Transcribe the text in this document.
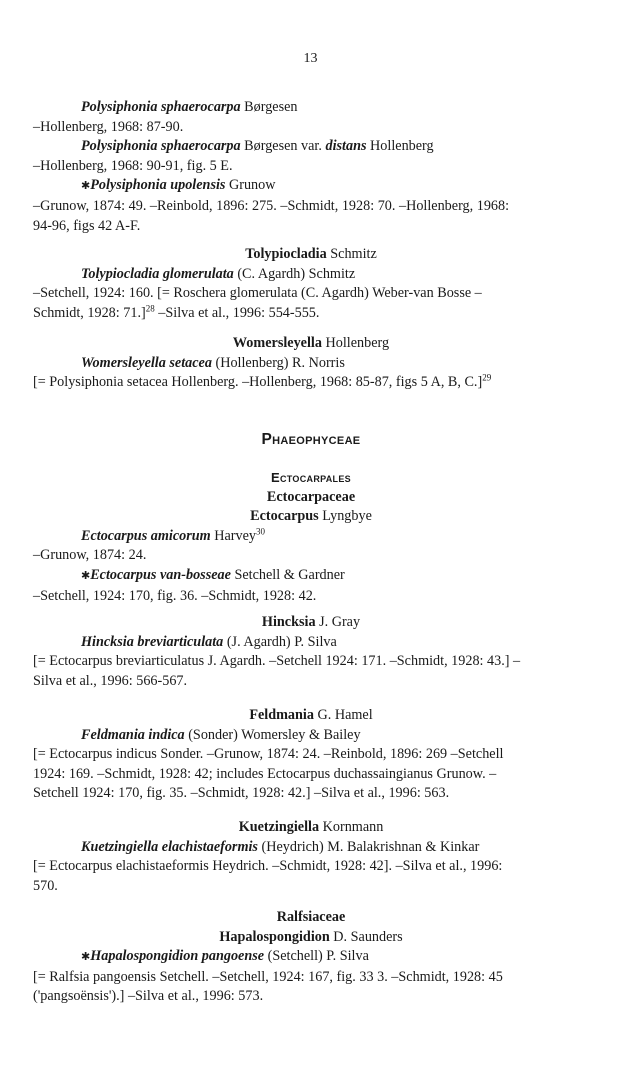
13
Polysiphonia sphaerocarpa Børgesen
–Hollenberg, 1968: 87-90.
Polysiphonia sphaerocarpa Børgesen var. distans Hollenberg
–Hollenberg, 1968: 90-91, fig. 5 E.
✱Polysiphonia upolensis Grunow
–Grunow, 1874: 49. –Reinbold, 1896: 275. –Schmidt, 1928: 70. –Hollenberg, 1968:
94-96, figs 42 A-F.
Tolypiocladia Schmitz
Tolypiocladia glomerulata (C. Agardh) Schmitz
–Setchell, 1924: 160. [= Roschera glomerulata (C. Agardh) Weber-van Bosse –
Schmidt, 1928: 71.]$^{28}$ –Silva et al., 1996: 554-555.
Womersleyella Hollenberg
Womersleyella setacea (Hollenberg) R. Norris
[= Polysiphonia setacea Hollenberg. –Hollenberg, 1968: 85-87, figs 5 A, B, C.]$^{29}$
Phaeophyceae
Ectocarpales
Ectocarpaceae
Ectocarpus Lyngbye
Ectocarpus amicorum Harvey$^{30}$
–Grunow, 1874: 24.
✱Ectocarpus van-bosseae Setchell & Gardner
–Setchell, 1924: 170, fig. 36. –Schmidt, 1928: 42.
Hincksia J. Gray
Hincksia breviarticulata (J. Agardh) P. Silva
[= Ectocarpus breviarticulatus J. Agardh. –Setchell 1924: 171. –Schmidt, 1928: 43.] –
Silva et al., 1996: 566-567.
Feldmania G. Hamel
Feldmania indica (Sonder) Womersley & Bailey
[= Ectocarpus indicus Sonder. –Grunow, 1874: 24. –Reinbold, 1896: 269 –Setchell
1924: 169. –Schmidt, 1928: 42; includes Ectocarpus duchassaingianus Grunow. –
Setchell 1924: 170, fig. 35. –Schmidt, 1928: 42.] –Silva et al., 1996: 563.
Kuetzingiella Kornmann
Kuetzingiella elachistaeformis (Heydrich) M. Balakrishnan & Kinkar
[= Ectocarpus elachistaeformis Heydrich. –Schmidt, 1928: 42]. –Silva et al., 1996:
570.
Ralfsiaceae
Hapalospongidion D. Saunders
✱Hapalospongidion pangoense (Setchell) P. Silva
[= Ralfsia pangoensis Setchell. –Setchell, 1924: 167, fig. 33 3. –Schmidt, 1928: 45
('pangsoënsis').] –Silva et al., 1996: 573.
